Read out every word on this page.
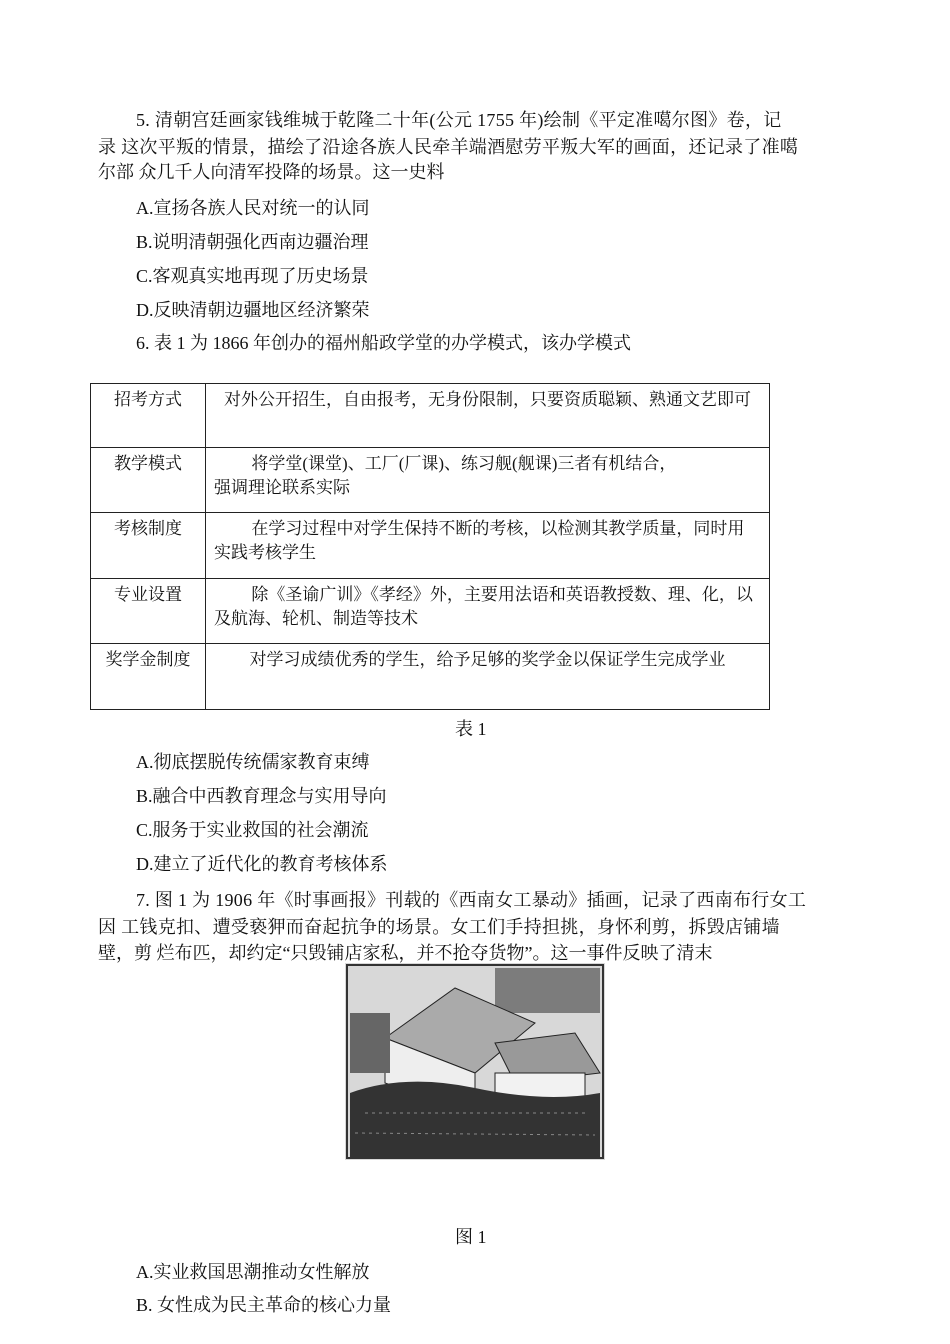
5. 清朝宫廷画家钱维城于乾隆二十年(公元 1755 年)绘制《平定准噶尔图》卷，记
录 这次平叛的情景，描绘了沿途各族人民牵羊端酒慰劳平叛大军的画面，还记录了准噶
尔部 众几千人向清军投降的场景。这一史料
A.宣扬各族人民对统一的认同
B.说明清朝强化西南边疆治理
C.客观真实地再现了历史场景
D.反映清朝边疆地区经济繁荣
6. 表 1 为 1866 年创办的福州船政学堂的办学模式，该办学模式
招考方式	对外公开招生，自由报考，无身份限制，只要资质聪颖、熟通文艺即可
教学模式	将学堂(课堂)、工厂(厂课)、练习舰(舰课)三者有机结合，强调理论联系实际
考核制度	在学习过程中对学生保持不断的考核，以检测其教学质量，同时用实践考核学生
专业设置	除《圣谕广训》《孝经》外，主要用法语和英语教授数、理、化，以及航海、轮机、制造等技术
奖学金制度	对学习成绩优秀的学生，给予足够的奖学金以保证学生完成学业
表 1
A.彻底摆脱传统儒家教育束缚
B.融合中西教育理念与实用导向
C.服务于实业救国的社会潮流
D.建立了近代化的教育考核体系
7. 图 1 为 1906 年《时事画报》刊载的《西南女工暴动》插画，记录了西南布行女工
因 工钱克扣、遭受亵狎而奋起抗争的场景。女工们手持担挑，身怀利剪，拆毁店铺墙
壁，剪 烂布匹，却约定“只毁铺店家私，并不抢夺货物”。这一事件反映了清末
图 1
A.实业救国思潮推动女性解放
B. 女性成为民主革命的核心力量
